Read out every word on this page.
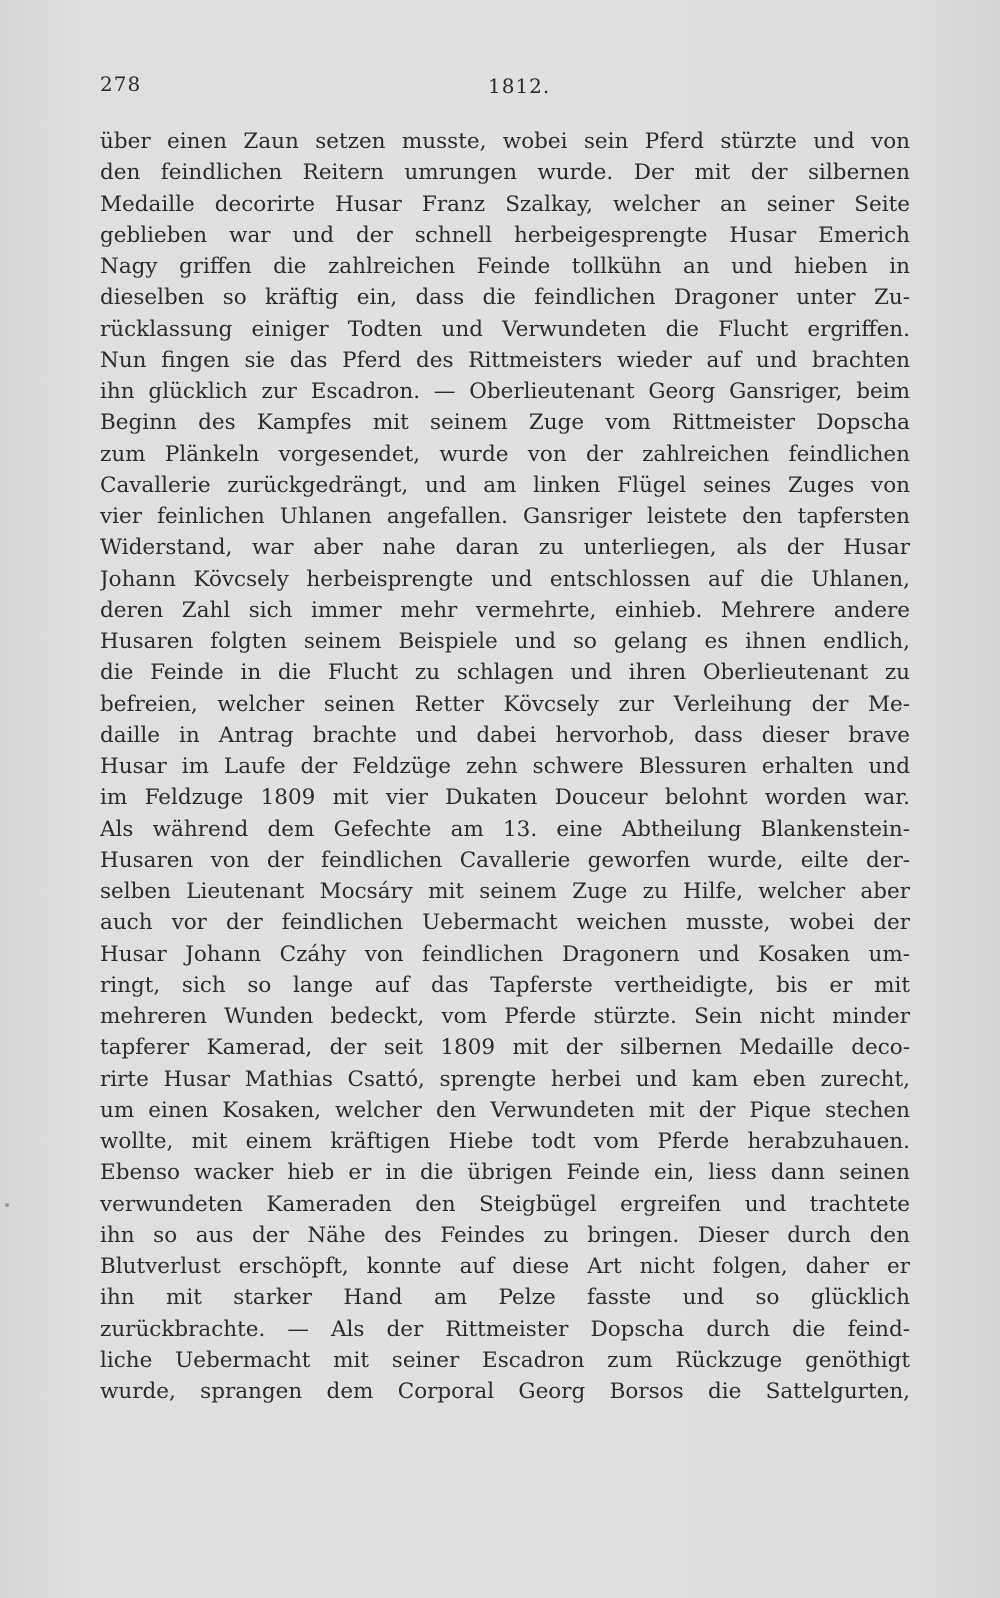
278	1812.
über einen Zaun setzen musste, wobei sein Pferd stürzte und von
den feindlichen Reitern umrungen wurde. Der mit der silbernen
Medaille decorirte Husar Franz Szalkay, welcher an seiner Seite
geblieben war und der schnell herbeigesprengte Husar Emerich
Nagy griffen die zahlreichen Feinde tollkühn an und hieben in
dieselben so kräftig ein, dass die feindlichen Dragoner unter Zu-
rücklassung einiger Todten und Verwundeten die Flucht ergriffen.
Nun fingen sie das Pferd des Rittmeisters wieder auf und brachten
ihn glücklich zur Escadron. — Oberlieutenant Georg Gansriger, beim
Beginn des Kampfes mit seinem Zuge vom Rittmeister Dopscha
zum Plänkeln vorgesendet, wurde von der zahlreichen feindlichen
Cavallerie zurückgedrängt, und am linken Flügel seines Zuges von
vier feinlichen Uhlanen angefallen. Gansriger leistete den tapfersten
Widerstand, war aber nahe daran zu unterliegen, als der Husar
Johann Kövcsely herbeisprengte und entschlossen auf die Uhlanen,
deren Zahl sich immer mehr vermehrte, einhieb. Mehrere andere
Husaren folgten seinem Beispiele und so gelang es ihnen endlich,
die Feinde in die Flucht zu schlagen und ihren Oberlieutenant zu
befreien, welcher seinen Retter Kövcsely zur Verleihung der Me-
daille in Antrag brachte und dabei hervorhob, dass dieser brave
Husar im Laufe der Feldzüge zehn schwere Blessuren erhalten und
im Feldzuge 1809 mit vier Dukaten Douceur belohnt worden war.
Als während dem Gefechte am 13. eine Abtheilung Blankenstein-
Husaren von der feindlichen Cavallerie geworfen wurde, eilte der-
selben Lieutenant Mocsáry mit seinem Zuge zu Hilfe, welcher aber
auch vor der feindlichen Uebermacht weichen musste, wobei der
Husar Johann Czáhy von feindlichen Dragonern und Kosaken um-
ringt, sich so lange auf das Tapferste vertheidigte, bis er mit
mehreren Wunden bedeckt, vom Pferde stürzte. Sein nicht minder
tapferer Kamerad, der seit 1809 mit der silbernen Medaille deco-
rirte Husar Mathias Csattó, sprengte herbei und kam eben zurecht,
um einen Kosaken, welcher den Verwundeten mit der Pique stechen
wollte, mit einem kräftigen Hiebe todt vom Pferde herabzuhauen.
Ebenso wacker hieb er in die übrigen Feinde ein, liess dann seinen
verwundeten Kameraden den Steigbügel ergreifen und trachtete
ihn so aus der Nähe des Feindes zu bringen. Dieser durch den
Blutverlust erschöpft, konnte auf diese Art nicht folgen, daher er
ihn mit starker Hand am Pelze fasste und so glücklich
zurückbrachte. — Als der Rittmeister Dopscha durch die feind-
liche Uebermacht mit seiner Escadron zum Rückzuge genöthigt
wurde, sprangen dem Corporal Georg Borsos die Sattelgurten,
